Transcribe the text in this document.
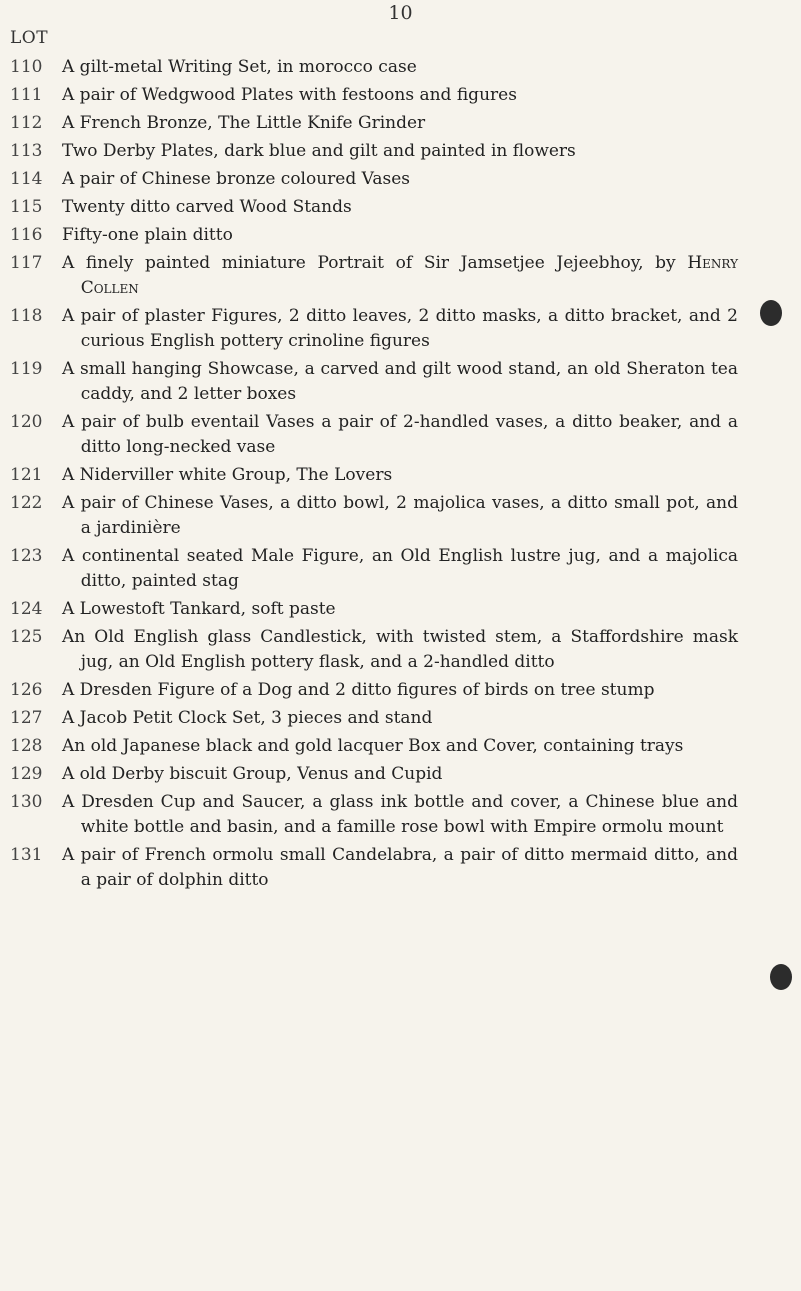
10
LOT
110	A gilt-metal Writing Set, in morocco case
111	A pair of Wedgwood Plates with festoons and figures
112	A French Bronze, The Little Knife Grinder
113	Two Derby Plates, dark blue and gilt and painted in flowers
114	A pair of Chinese bronze coloured Vases
115	Twenty ditto carved Wood Stands
116	Fifty-one plain ditto
117	A finely painted miniature Portrait of Sir Jamsetjee Jejeebhoy, by Henry Collen
118	A pair of plaster Figures, 2 ditto leaves, 2 ditto masks, a ditto bracket, and 2 curious English pottery crinoline figures
119	A small hanging Showcase, a carved and gilt wood stand, an old Sheraton tea caddy, and 2 letter boxes
120	A pair of bulb eventail Vases a pair of 2-handled vases, a ditto beaker, and a ditto long-necked vase
121	A Niderviller white Group, The Lovers
122	A pair of Chinese Vases, a ditto bowl, 2 majolica vases, a ditto small pot, and a jardinière
123	A continental seated Male Figure, an Old English lustre jug, and a majolica ditto, painted stag
124	A Lowestoft Tankard, soft paste
125	An Old English glass Candlestick, with twisted stem, a Staffordshire mask jug, an Old English pottery flask, and a 2-handled ditto
126	A Dresden Figure of a Dog and 2 ditto figures of birds on tree stump
127	A Jacob Petit Clock Set, 3 pieces and stand
128	An old Japanese black and gold lacquer Box and Cover, containing trays
129	A old Derby biscuit Group, Venus and Cupid
130	A Dresden Cup and Saucer, a glass ink bottle and cover, a Chinese blue and white bottle and basin, and a famille rose bowl with Empire ormolu mount
131	A pair of French ormolu small Candelabra, a pair of ditto mermaid ditto, and a pair of dolphin ditto
